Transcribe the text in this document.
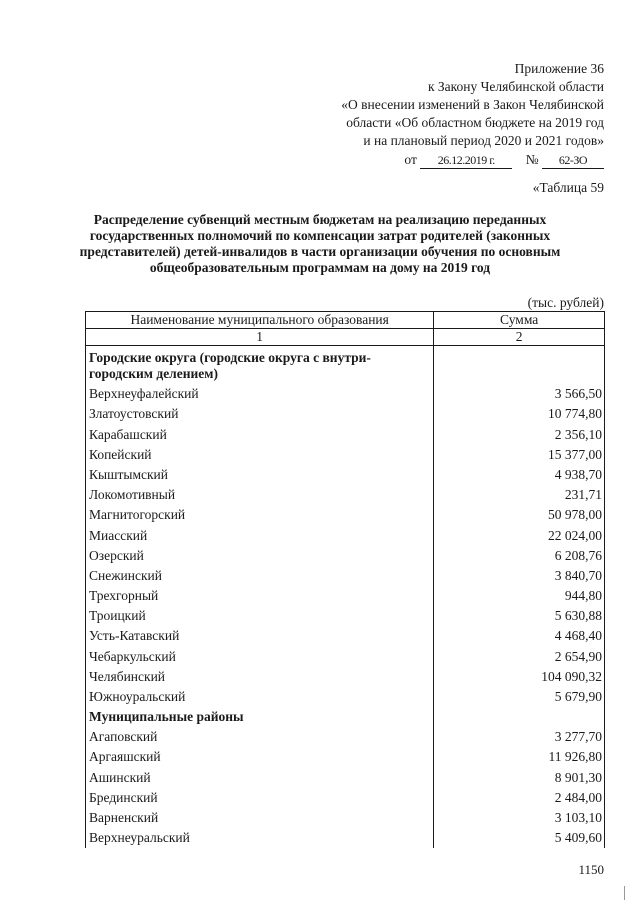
Приложение 36
к Закону Челябинской области
«О внесении изменений в Закон Челябинской
области «Об областном бюджете на 2019 год
и на плановый период 2020 и 2021 годов»
от 26.12.2019 г. № 62-ЗО
«Таблица 59
Распределение субвенций местным бюджетам на реализацию переданных
государственных полномочий по компенсации затрат родителей (законных
представителей) детей-инвалидов в части организации обучения по основным
общеобразовательным программам на дому на 2019 год
(тыс. рублей)
Наименование муниципального образования	Сумма
1	2
Городские округа (городские округа с внутри-городским делением)	
Верхнеуфалейский	3 566,50
Златоустовский	10 774,80
Карабашский	2 356,10
Копейский	15 377,00
Кыштымский	4 938,70
Локомотивный	231,71
Магнитогорский	50 978,00
Миасский	22 024,00
Озерский	6 208,76
Снежинский	3 840,70
Трехгорный	944,80
Троицкий	5 630,88
Усть-Катавский	4 468,40
Чебаркульский	2 654,90
Челябинский	104 090,32
Южноуральский	5 679,90
Муниципальные районы	
Агаповский	3 277,70
Аргаяшский	11 926,80
Ашинский	8 901,30
Брединский	2 484,00
Варненский	3 103,10
Верхнеуральский	5 409,60
1150
